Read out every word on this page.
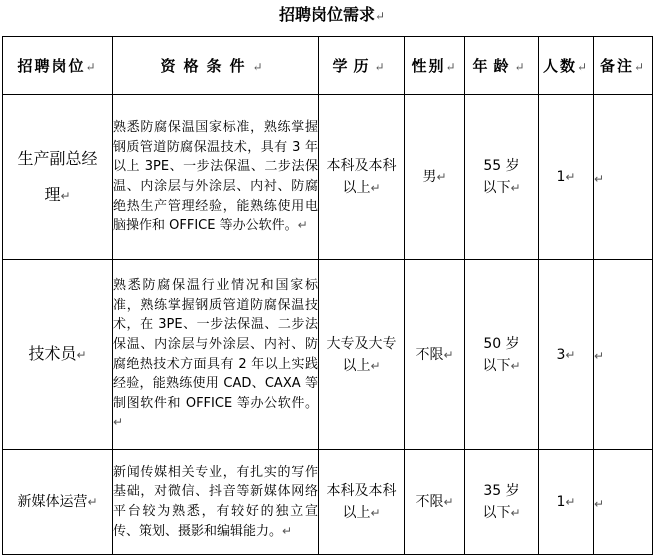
招聘岗位需求↵
招聘岗位↵	资格条件↵	学历↵	性别↵	年龄↵	人数↵	备注↵
生产副总经理↵	熟悉防腐保温国家标准，熟练掌握钢质管道防腐保温技术，具有 3 年以上 3PE、一步法保温、二步法保温、内涂层与外涂层、内衬、防腐绝热生产管理经验，能熟练使用电脑操作和 OFFICE 等办公软件。↵	本科及本科以上↵	男↵	55 岁以下↵	1↵	↵
技术员↵	熟悉防腐保温行业情况和国家标准，熟练掌握钢质管道防腐保温技术，在 3PE、一步法保温、二步法保温、内涂层与外涂层、内衬、防腐绝热技术方面具有 2 年以上实践经验，能熟练使用 CAD、CAXA 等制图软件和 OFFICE 等办公软件。↵	大专及大专以上↵	不限↵	50 岁以下↵	3↵	↵
新媒体运营↵	新闻传媒相关专业，有扎实的写作基础，对微信、抖音等新媒体网络平台较为熟悉，有较好的独立宣传、策划、摄影和编辑能力。↵	本科及本科以上↵	不限↵	35 岁以下↵	1↵	↵
